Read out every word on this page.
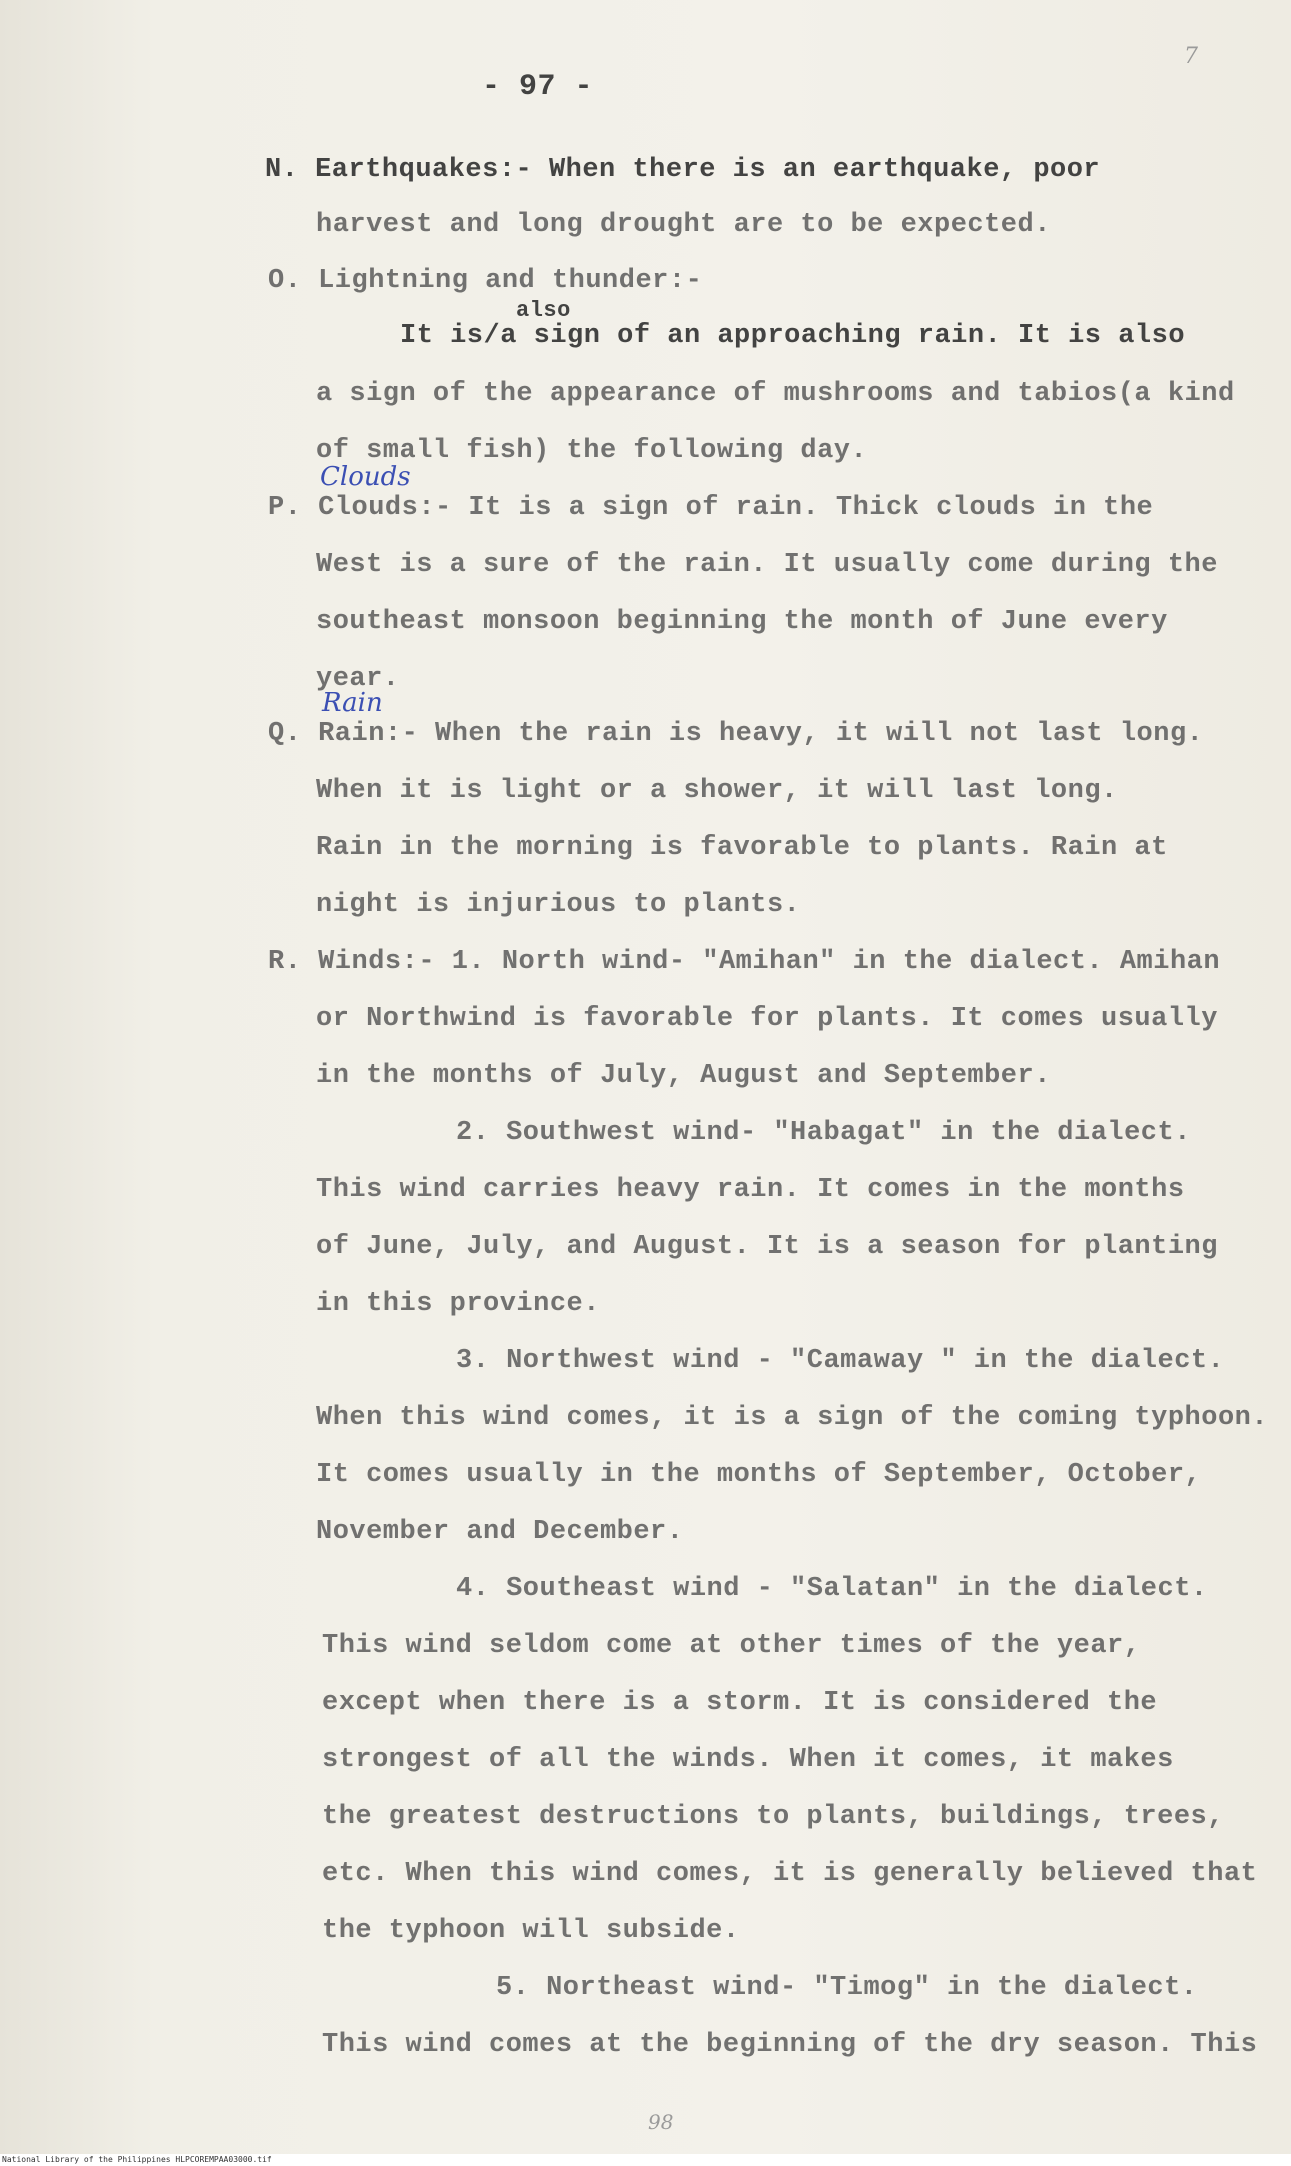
- 97 -
7
N. Earthquakes:- When there is an earthquake, poor
harvest and long drought are to be expected.
O. Lightning and thunder:-
also
It is/a sign of an approaching rain. It is also
a sign of the appearance of mushrooms and tabios(a kind
of small fish) the following day.
Clouds
P. Clouds:- It is a sign of rain. Thick clouds in the
West is a sure of the rain. It usually come during the
southeast monsoon beginning the month of June every
year.
Rain
Q. Rain:- When the rain is heavy, it will not last long.
When it is light or a shower, it will last long.
Rain in the morning is favorable to plants. Rain at
night is injurious to plants.
R. Winds:- 1. North wind- "Amihan" in the dialect. Amihan
or Northwind is favorable for plants. It comes usually
in the months of July, August and September.
2. Southwest wind- "Habagat" in the dialect.
This wind carries heavy rain. It comes in the months
of June, July, and August. It is a season for planting
in this province.
3. Northwest wind - "Camaway " in the dialect.
When this wind comes, it is a sign of the coming typhoon.
It comes usually in the months of September, October,
November and December.
4. Southeast wind - "Salatan" in the dialect.
This wind seldom come at other times of the year,
except when there is a storm. It is considered the
strongest of all the winds. When it comes, it makes
the greatest destructions to plants, buildings, trees,
etc. When this wind comes, it is generally believed that
the typhoon will subside.
5. Northeast wind- "Timog" in the dialect.
This wind comes at the beginning of the dry season. This
98
National Library of the Philippines HLPCOREMPAA03000.tif
